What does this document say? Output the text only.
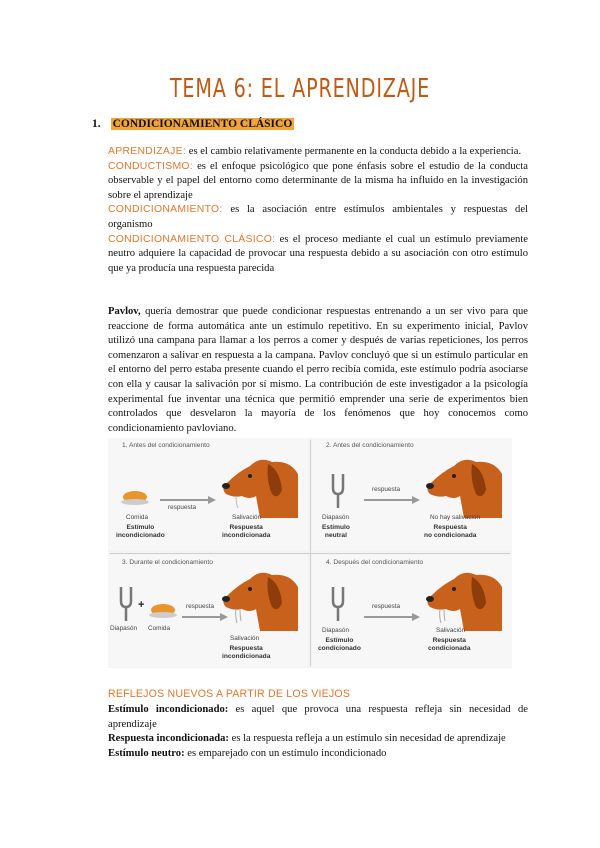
TEMA 6: EL APRENDIZAJE
1. CONDICIONAMIENTO CLÁSICO

APRENDIZAJE: es el cambio relativamente permanente en la conducta debido a la experiencia.

CONDUCTISMO: es el enfoque psicológico que pone énfasis sobre el estudio de la conducta observable y el papel del entorno como determinante de la misma ha influido en la investigación sobre el aprendizaje

CONDICIONAMIENTO: es la asociación entre estímulos ambientales y respuestas del organismo

CONDICIONAMIENTO CLÁSICO: es el proceso mediante el cual un estímulo previamente neutro adquiere la capacidad de provocar una respuesta debido a su asociación con otro estímulo que ya producía una respuesta parecida

Pavlov, quería demostrar que puede condicionar respuestas entrenando a un ser vivo para que reaccione de forma automática ante un estímulo repetitivo. En su experimento inicial, Pavlov utilizó una campana para llamar a los perros a comer y después de varias repeticiones, los perros comenzaron a salivar en respuesta a la campana. Pavlov concluyó que si un estímulo particular en el entorno del perro estaba presente cuando el perro recibía comida, este estímulo podría asociarse con ella y causar la salivación por sí mismo. La contribución de este investigador a la psicología experimental fue inventar una técnica que permitió emprender una serie de experimentos bien controlados que desvelaron la mayoría de los fenómenos que hoy conocemos como condicionamiento pavloviano.

1. Antes del condicionamiento
respuesta
Comida
Estímulo
incondicionado
Salivación
Respuesta
incondicionada
2. Antes del condicionamiento
respuesta
Diapasón
Estímulo
neutral
No hay salivación
Respuesta
no condicionada
3. Durante el condicionamiento
+	respuesta
Diapasón Comida
Salivación
Respuesta
incondicionada
4. Después del condicionamiento
respuesta
Diapasón
Estímulo
condicionado
Salivación
Respuesta
condicionada
REFLEJOS NUEVOS A PARTIR DE LOS VIEJOS

Estímulo incondicionado: es aquel que provoca una respuesta refleja sin necesidad de aprendizaje

Respuesta incondicionada: es la respuesta refleja a un estímulo sin necesidad de aprendizaje

Estímulo neutro: es emparejado con un estímulo incondicionado
